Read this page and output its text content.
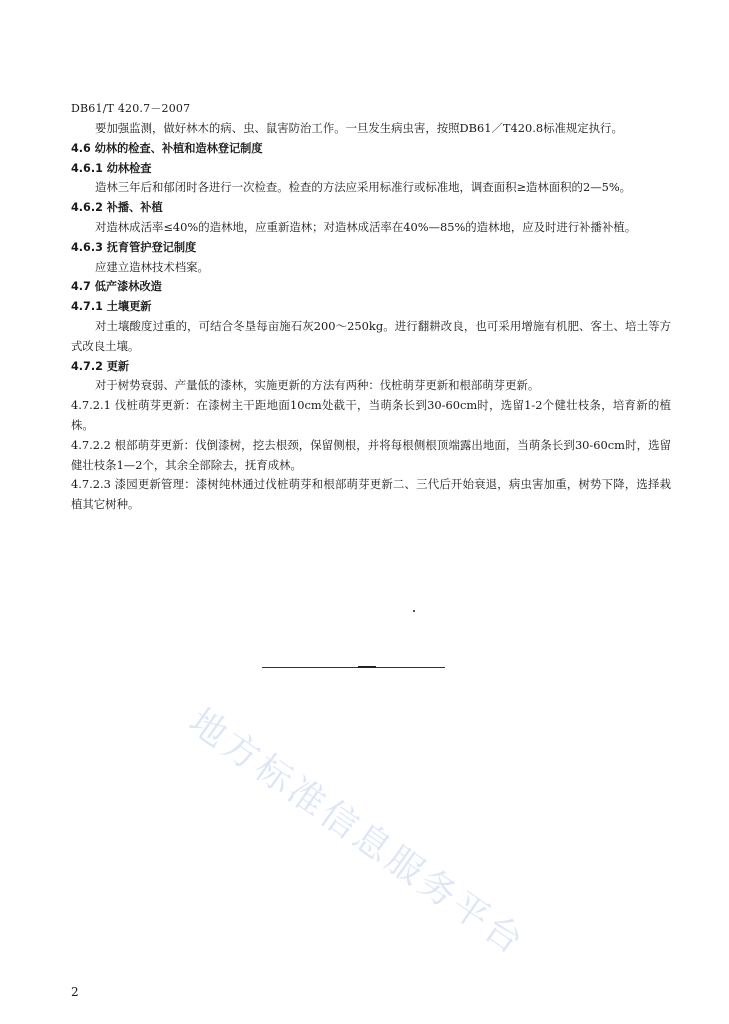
DB61/T 420.7－2007

要加强监测，做好林木的病、虫、鼠害防治工作。一旦发生病虫害，按照DB61／T420.8标准规定执行。

4.6 幼林的检查、补植和造林登记制度

4.6.1 幼林检查

造林三年后和郁闭时各进行一次检查。检查的方法应采用标准行或标准地，调查面积≥造林面积的2—5%。

4.6.2 补播、补植

对造林成活率≤40%的造林地，应重新造林；对造林成活率在40%—85%的造林地，应及时进行补播补植。

4.6.3 抚育管护登记制度

应建立造林技术档案。

4.7 低产漆林改造

4.7.1 土壤更新

对土壤酸度过重的，可结合冬垦每亩施石灰200～250kg。进行翻耕改良，也可采用增施有机肥、客土、培土等方式改良土壤。

4.7.2 更新

对于树势衰弱、产量低的漆林，实施更新的方法有两种：伐桩萌芽更新和根部萌芽更新。

4.7.2.1 伐桩萌芽更新：在漆树主干距地面10cm处截干，当萌条长到30-60cm时，选留1-2个健壮枝条，培育新的植株。

4.7.2.2 根部萌芽更新：伐倒漆树，挖去根颈，保留侧根，并将每根侧根顶端露出地面，当萌条长到30-60cm时，选留健壮枝条1—2个，其余全部除去，抚育成林。

4.7.2.3 漆园更新管理：漆树纯林通过伐桩萌芽和根部萌芽更新二、三代后开始衰退，病虫害加重，树势下降，选择栽植其它树种。

地方标准信息服务平台
2
